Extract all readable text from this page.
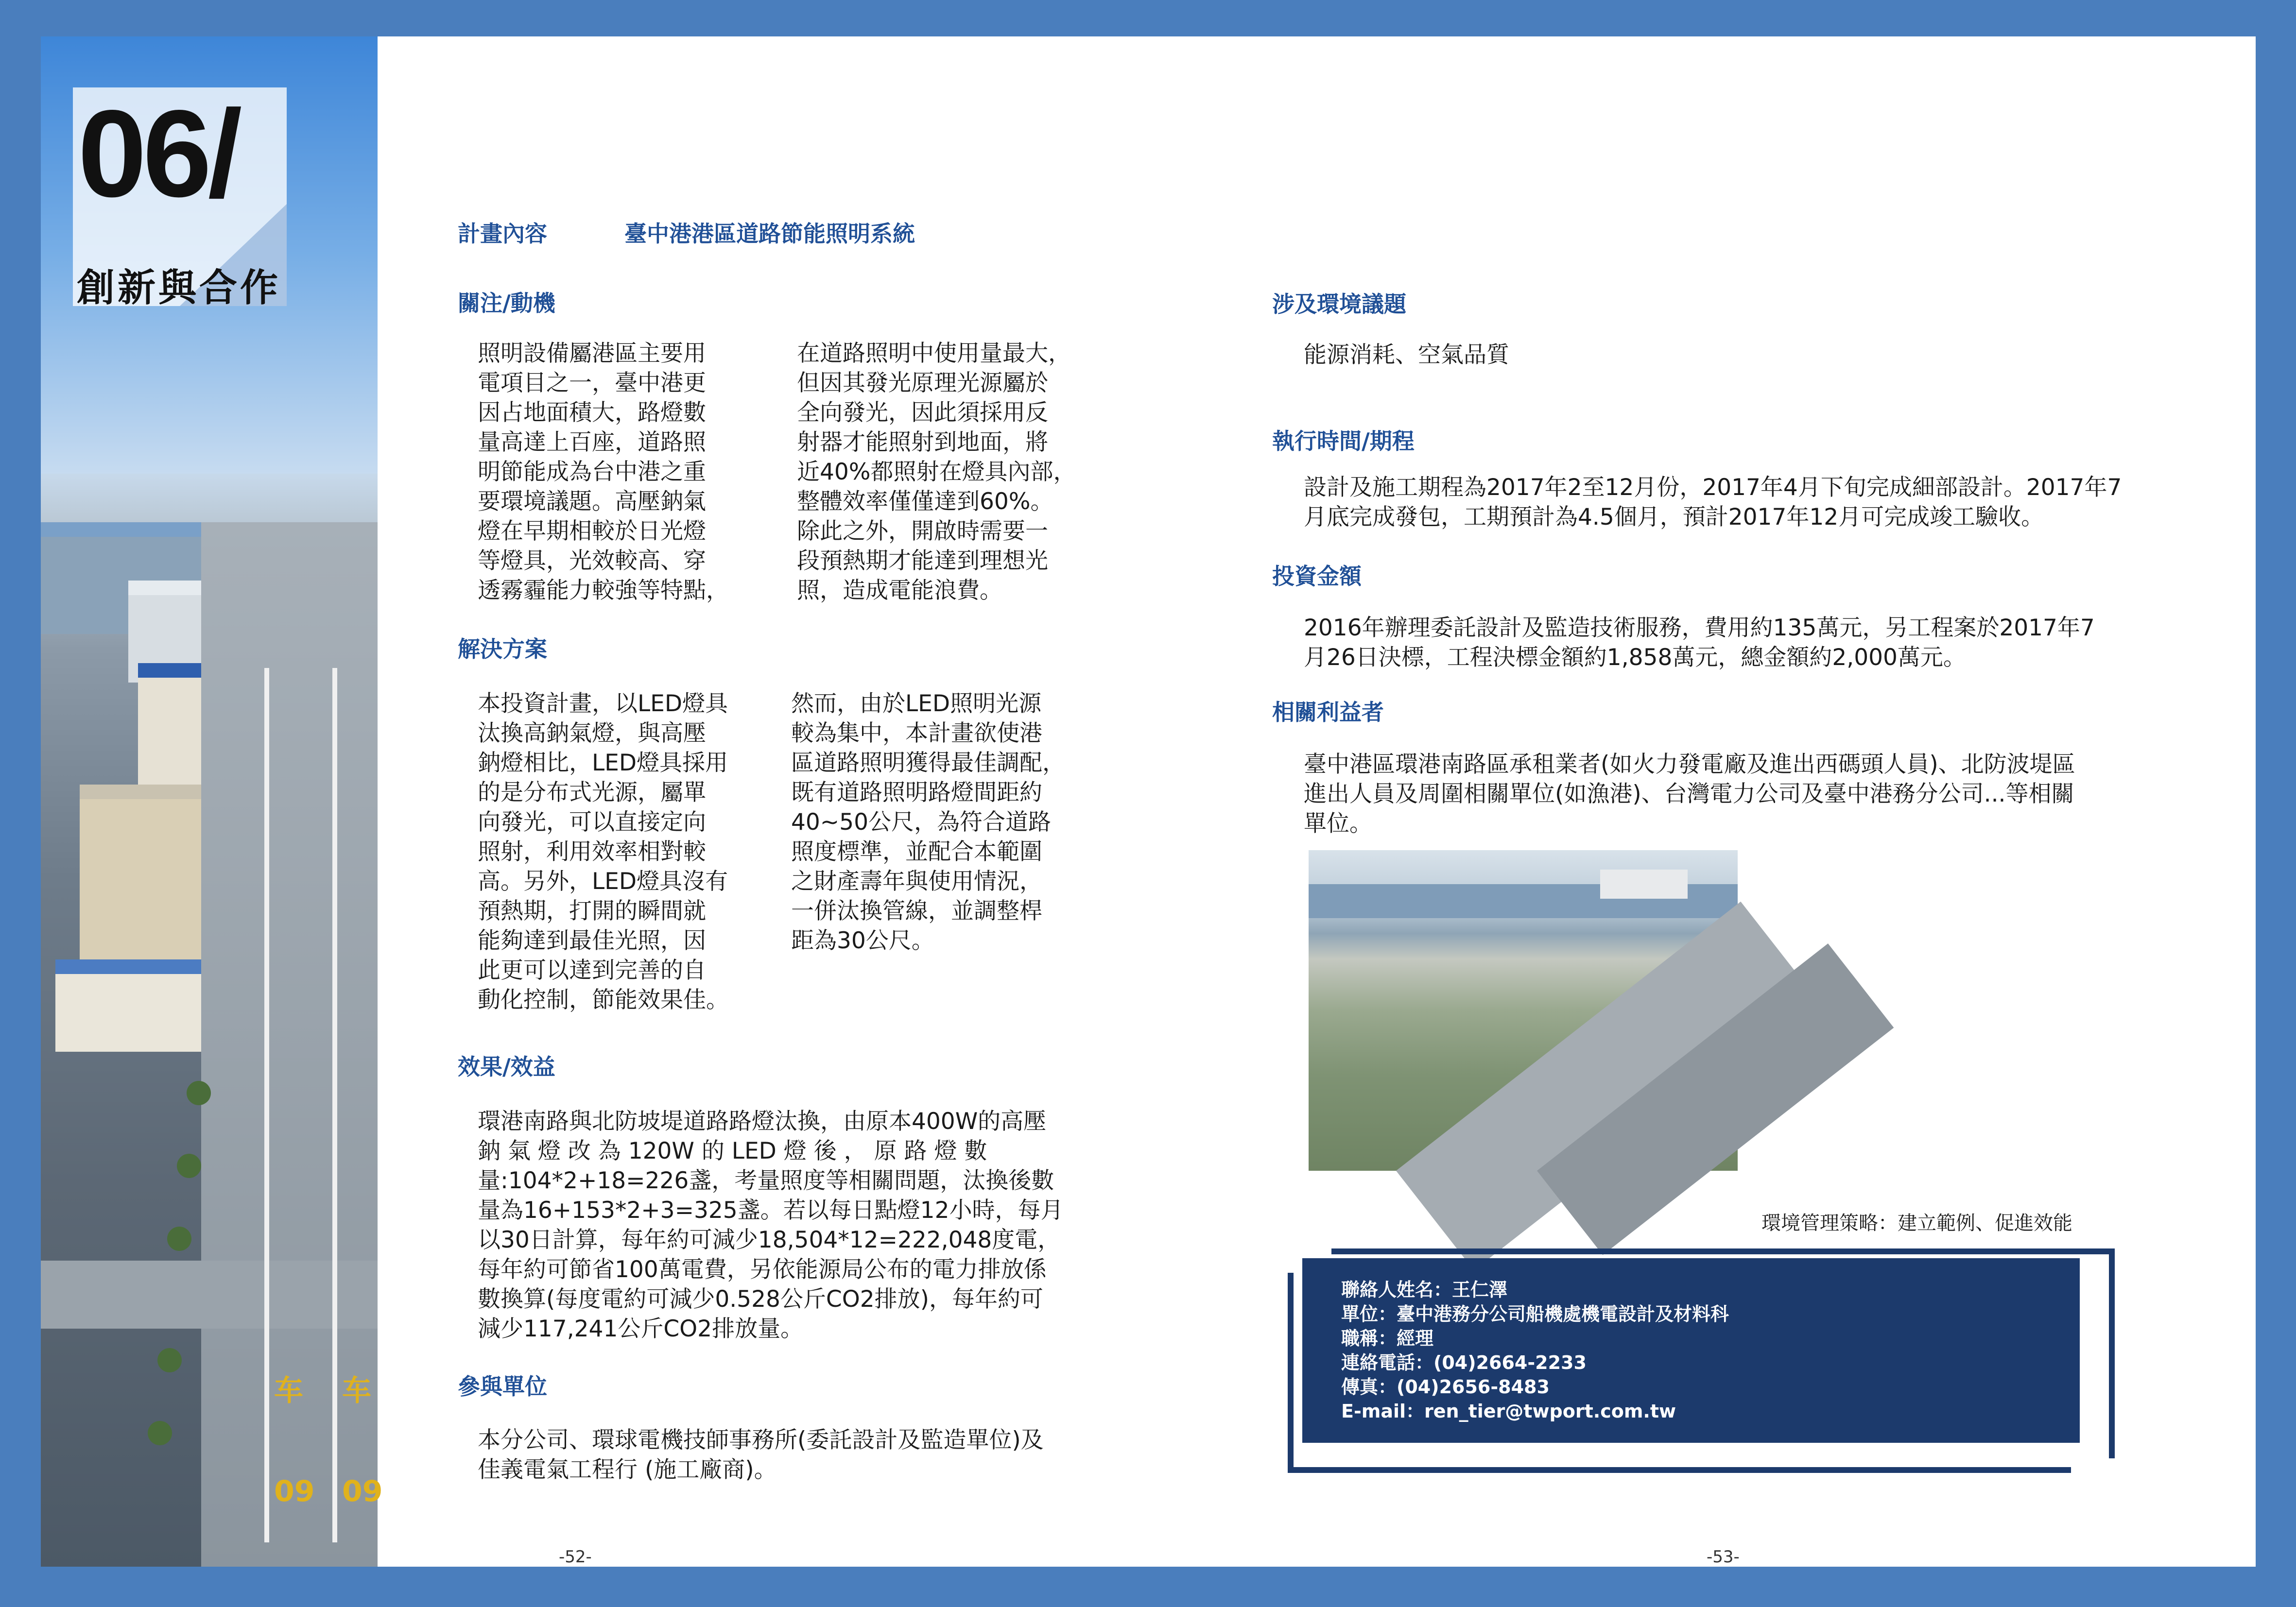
车 车
09 09
06/
創新與合作
計畫內容	臺中港港區道路節能照明系統
關注/動機
照明設備屬港區主要用
電項目之一，臺中港更
因占地面積大，路燈數
量高達上百座，道路照
明節能成為台中港之重
要環境議題。高壓鈉氣
燈在早期相較於日光燈
等燈具，光效較高、穿
透霧霾能力較強等特點，
在道路照明中使用量最大，
但因其發光原理光源屬於
全向發光，因此須採用反
射器才能照射到地面，將
近40%都照射在燈具內部，
整體效率僅僅達到60%。
除此之外，開啟時需要一
段預熱期才能達到理想光
照，造成電能浪費。
解決方案
本投資計畫，以LED燈具
汰換高鈉氣燈，與高壓
鈉燈相比，LED燈具採用
的是分布式光源，屬單
向發光，可以直接定向
照射，利用效率相對較
高。另外，LED燈具沒有
預熱期，打開的瞬間就
能夠達到最佳光照，因
此更可以達到完善的自
動化控制，節能效果佳。
然而，由於LED照明光源
較為集中，本計畫欲使港
區道路照明獲得最佳調配，
既有道路照明路燈間距約
40~50公尺，為符合道路
照度標準，並配合本範圍
之財產壽年與使用情況，
一併汰換管線，並調整桿
距為30公尺。
效果/效益
環港南路與北防坡堤道路路燈汰換，由原本400W的高壓
鈉 氣 燈 改 為 120W 的 LED 燈 後 ， 原 路 燈 數
量:104*2+18=226盞，考量照度等相關問題，汰換後數
量為16+153*2+3=325盞。若以每日點燈12小時，每月
以30日計算，每年約可減少18,504*12=222,048度電，
每年約可節省100萬電費，另依能源局公布的電力排放係
數換算(每度電約可減少0.528公斤CO2排放)，每年約可
減少117,241公斤CO2排放量。
參與單位
本分公司、環球電機技師事務所(委託設計及監造單位)及
佳義電氣工程行 (施工廠商)。
-52-
涉及環境議題
能源消耗、空氣品質
執行時間/期程
設計及施工期程為2017年2至12月份，2017年4月下旬完成細部設計。2017年7
月底完成發包，工期預計為4.5個月，預計2017年12月可完成竣工驗收。
投資金額
2016年辦理委託設計及監造技術服務，費用約135萬元，另工程案於2017年7
月26日決標，工程決標金額約1,858萬元，總金額約2,000萬元。
相關利益者
臺中港區環港南路區承租業者(如火力發電廠及進出西碼頭人員)、北防波堤區
進出人員及周圍相關單位(如漁港)、台灣電力公司及臺中港務分公司...等相關
單位。
環境管理策略：建立範例、促進效能
聯絡人姓名：王仁澤
單位：臺中港務分公司船機處機電設計及材料科
職稱：經理
連絡電話：(04)2664-2233
傳真：(04)2656-8483
E-mail：ren_tier@twport.com.tw
-53-
